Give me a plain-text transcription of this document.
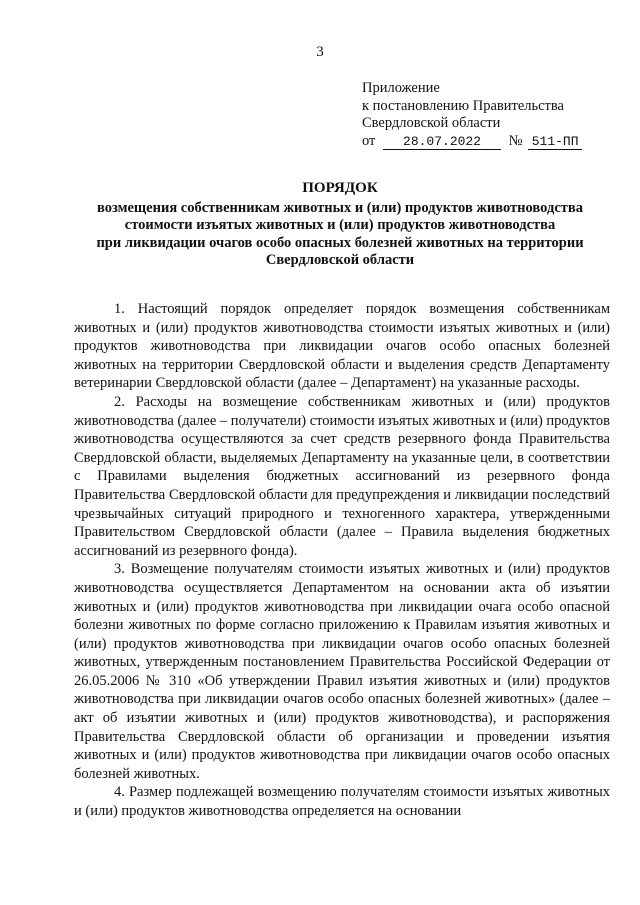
3
Приложение
к постановлению Правительства
Свердловской области
от 28.07.2022 № 511-ПП
ПОРЯДОК
возмещения собственникам животных и (или) продуктов животноводства
стоимости изъятых животных и (или) продуктов животноводства
при ликвидации очагов особо опасных болезней животных на территории
Свердловской области

1. Настоящий порядок определяет порядок возмещения собственникам животных и (или) продуктов животноводства стоимости изъятых животных и (или) продуктов животноводства при ликвидации очагов особо опасных болезней животных на территории Свердловской области и выделения средств Департаменту ветеринарии Свердловской области (далее – Департамент) на указанные расходы.

2. Расходы на возмещение собственникам животных и (или) продуктов животноводства (далее – получатели) стоимости изъятых животных и (или) продуктов животноводства осуществляются за счет средств резервного фонда Правительства Свердловской области, выделяемых Департаменту на указанные цели, в соответствии с Правилами выделения бюджетных ассигнований из резервного фонда Правительства Свердловской области для предупреждения и ликвидации последствий чрезвычайных ситуаций природного и техногенного характера, утвержденными Правительством Свердловской области (далее – Правила выделения бюджетных ассигнований из резервного фонда).

3. Возмещение получателям стоимости изъятых животных и (или) продуктов животноводства осуществляется Департаментом на основании акта об изъятии животных и (или) продуктов животноводства при ликвидации очага особо опасной болезни животных по форме согласно приложению к Правилам изъятия животных и (или) продуктов животноводства при ликвидации очагов особо опасных болезней животных, утвержденным постановлением Правительства Российской Федерации от 26.05.2006 № 310 «Об утверждении Правил изъятия животных и (или) продуктов животноводства при ликвидации очагов особо опасных болезней животных» (далее – акт об изъятии животных и (или) продуктов животноводства), и распоряжения Правительства Свердловской области об организации и проведении изъятия животных и (или) продуктов животноводства при ликвидации очагов особо опасных болезней животных.

4. Размер подлежащей возмещению получателям стоимости изъятых животных и (или) продуктов животноводства определяется на основании
